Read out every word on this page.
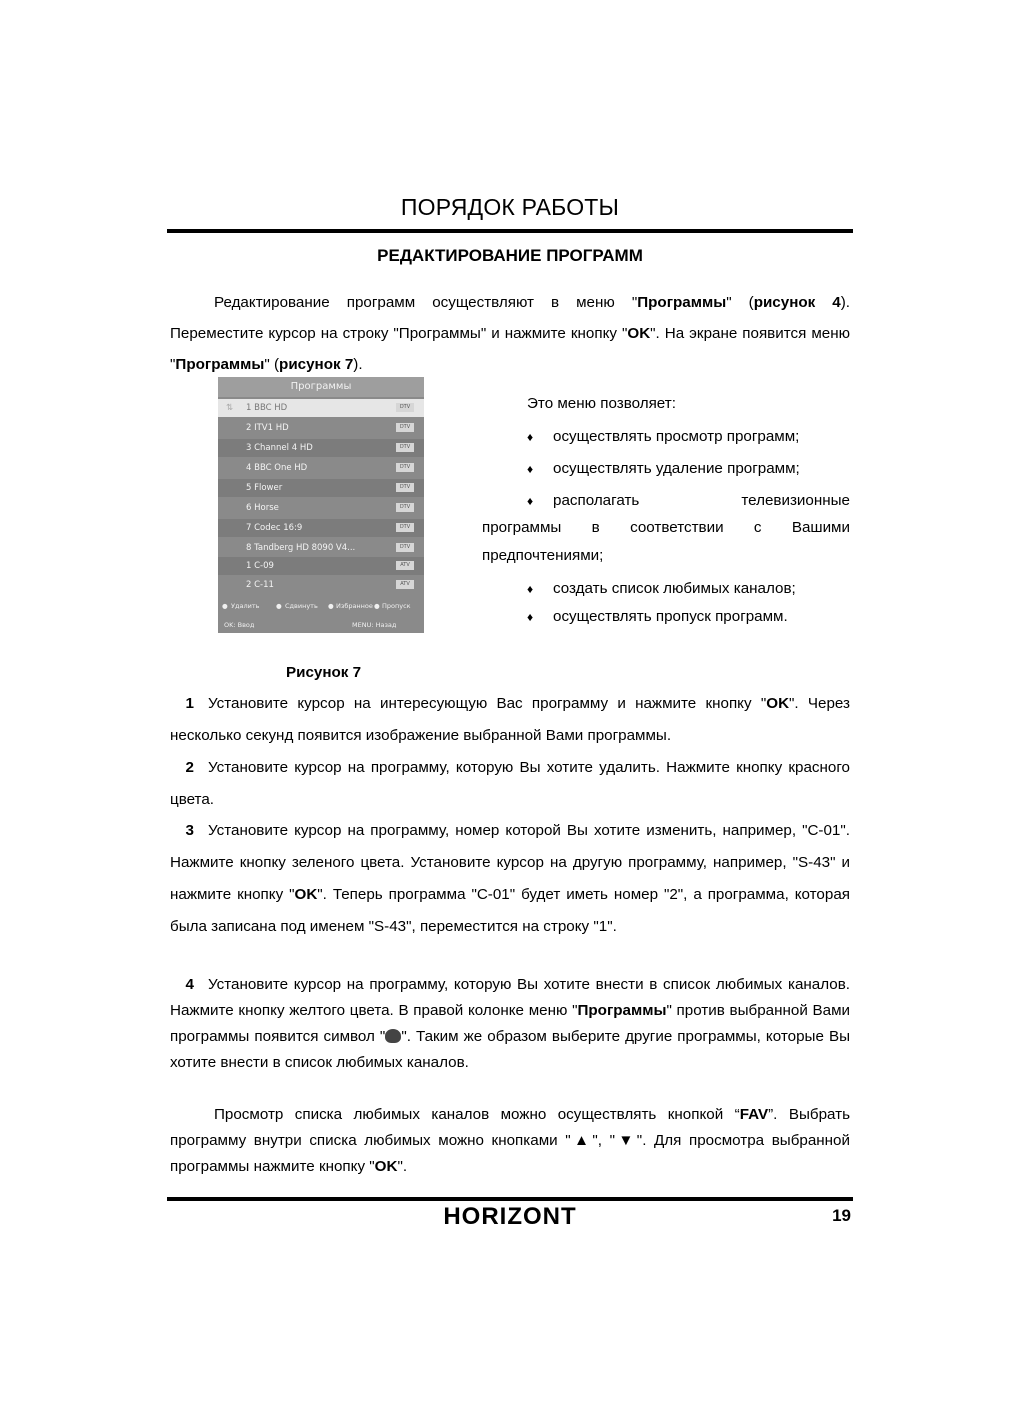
ПОРЯДОК РАБОТЫ
РЕДАКТИРОВАНИЕ ПРОГРАММ
Редактирование программ осуществляют в меню "Программы" (рисунок 4). Переместите курсор на строку "Программы" и нажмите кнопку "OK". На экране появится меню "Программы" (рисунок 7).
Программы
⇅ 1 BBC HD	DTV
2 ITV1 HD	DTV
3 Channel 4 HD	DTV
4 BBC One HD	DTV
5 Flower	DTV
6 Horse	DTV
7 Codec 16:9	DTV
8 Tandberg HD 8090 V4...	DTV
1 C-09	ATV
2 C-11	ATV
● Удалить	● Сдвинуть ● Избранное ● Пропуск
OK: Ввод	MENU: Назад
Это меню позволяет:
♦ осуществлять просмотр программ;
♦ осуществлять удаление программ;
♦ располагать	телевизионные
программы в соответствии с Вашими
предпочтениями;
♦ создать список любимых каналов;
♦ осуществлять пропуск программ.
Рисунок 7
1 Установите курсор на интересующую Вас программу и нажмите кнопку "OK". Через несколько секунд появится изображение выбранной Вами программы.
2 Установите курсор на программу, которую Вы хотите удалить. Нажмите кнопку красного цвета.
3 Установите курсор на программу, номер которой Вы хотите изменить, например, "C-01". Нажмите кнопку зеленого цвета. Установите курсор на другую программу, например, "S-43" и нажмите кнопку "OK". Теперь программа "C-01" будет иметь номер "2", а программа, которая была записана под именем "S-43", переместится на строку "1".
4 Установите курсор на программу, которую Вы хотите внести в список любимых каналов. Нажмите кнопку желтого цвета. В правой колонке меню "Программы" против выбранной Вами программы появится символ " ". Таким же образом выберите другие программы, которые Вы хотите внести в список любимых каналов.
Просмотр списка любимых каналов можно осуществлять кнопкой “FAV”. Выбрать программу внутри списка любимых можно кнопками "▲", "▼". Для просмотра выбранной программы нажмите кнопку "OK".
HORIZONT	19
